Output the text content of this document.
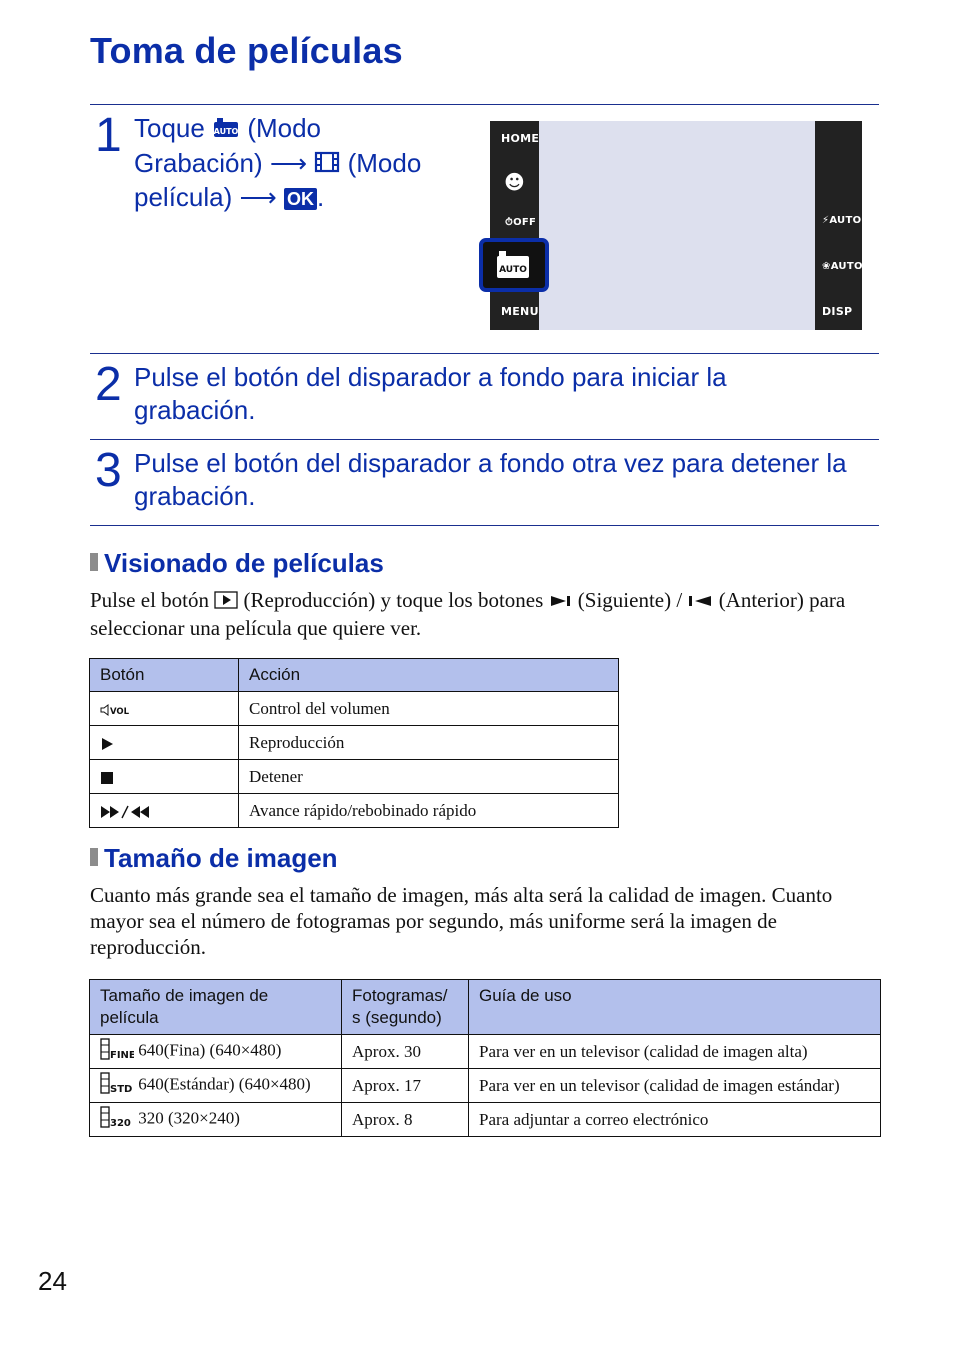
Toma de películas
1 Toque AUTO (Modo Grabación) ⟶ (Modo película) ⟶ OK .
HOME
☻
⏱OFF
AUTO
MENU
⚡AUTO
❀AUTO
DISP
2 Pulse el botón del disparador a fondo para iniciar la grabación.
3 Pulse el botón del disparador a fondo otra vez para detener la grabación.
Visionado de películas
Pulse el botón (Reproducción) y toque los botones (Siguiente) / (Anterior) para seleccionar una película que quiere ver.
Botón	Acción

VOL	Control del volumen
	Reproducción
	Detener
	Avance rápido/rebobinado rápido
Tamaño de imagen
Cuanto más grande sea el tamaño de imagen, más alta será la calidad de imagen. Cuanto mayor sea el número de fotogramas por segundo, más uniforme será la imagen de reproducción.
Tamaño de imagen de película	Fotogramas/ s (segundo)	Guía de uso

FINE 640(Fina) (640×480)	Aprox. 30	Para ver en un televisor (calidad de imagen alta)

STD 640(Estándar) (640×480)	Aprox. 17	Para ver en un televisor (calidad de imagen estándar)

320 320 (320×240)	Aprox. 8	Para adjuntar a correo electrónico
24
